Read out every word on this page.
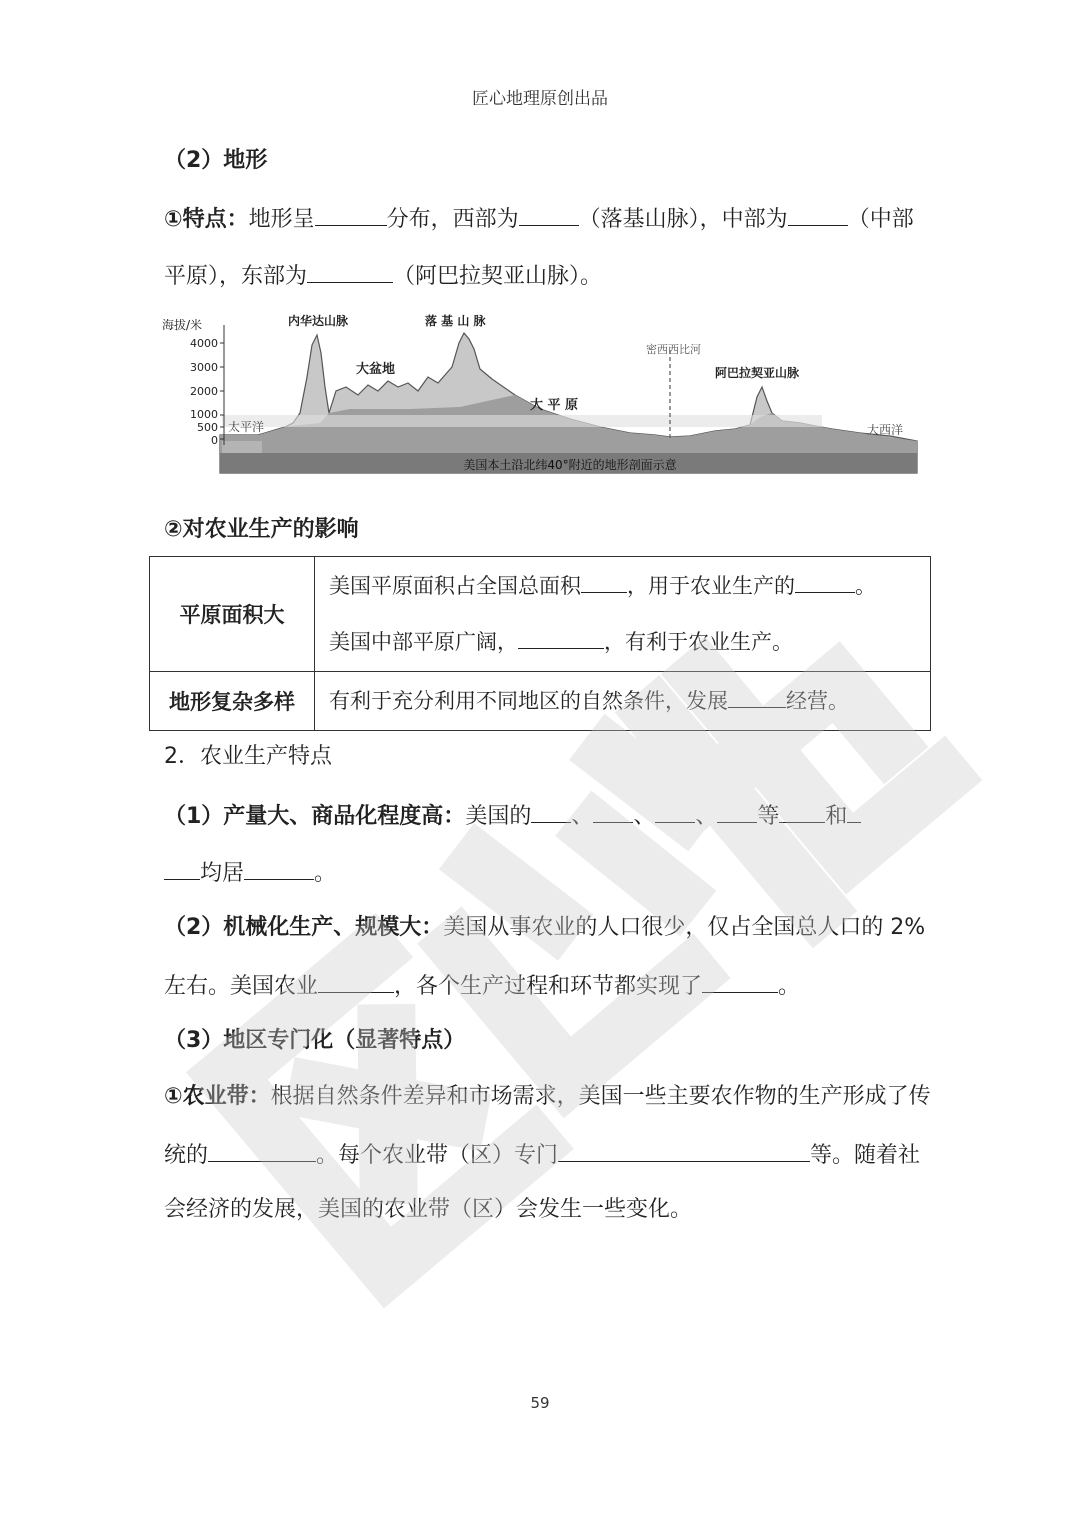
匠心地理原创出品
（2）地形
①特点：地形呈	分布，西部为	（落基山脉），中部为	（中部
平原），东部为	（阿巴拉契亚山脉）。
海拔/米
4000
3000
2000
1000
500
0
内华达山脉	落 基 山 脉
大盆地
大 平 原
密西西比河
阿巴拉契亚山脉
太平洋	大西洋
美国本土沿北纬40°附近的地形剖面示意
②对农业生产的影响
平原面积大	美国平原面积占全国总面积 ，用于农业生产的 。
美国中部平原广阔， ，有利于农业生产。

地形复杂多样	有利于充分利用不同地区的自然条件，发展 经营。
2．农业生产特点
（1）产量大、商品化程度高：美国的 、 、 、 等 和
均居	。
（2）机械化生产、规模大：美国从事农业的人口很少，仅占全国总人口的 2%
左右。美国农业	，各个生产过程和环节都实现了	。
（3）地区专门化（显著特点）
①农业带：根据自然条件差异和市场需求，美国一些主要农作物的生产形成了传
统的	。每个农业带（区）专门	等。随着社
会经济的发展，美国的农业带（区）会发生一些变化。
59
